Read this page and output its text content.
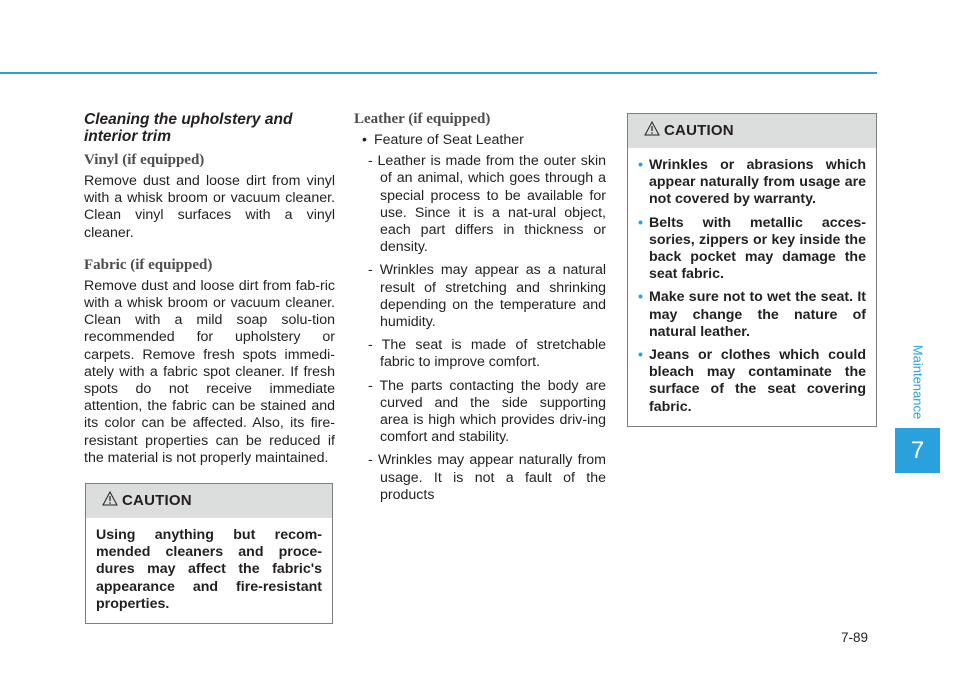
Cleaning the upholstery and interior trim
Vinyl (if equipped)
Remove dust and loose dirt from vinyl with a whisk broom or vacuum cleaner. Clean vinyl surfaces with a vinyl cleaner.
Fabric (if equipped)
Remove dust and loose dirt from fab-ric with a whisk broom or vacuum cleaner. Clean with a mild soap solu-tion recommended for upholstery or carpets. Remove fresh spots immedi-ately with a fabric spot cleaner. If fresh spots do not receive immediate attention, the fabric can be stained and its color can be affected. Also, its fire-resistant properties can be reduced if the material is not properly maintained.
CAUTION
Using anything but recom-mended cleaners and proce-dures may affect the fabric's appearance and fire-resistant properties.
Leather (if equipped)
• Feature of Seat Leather
- Leather is made from the outer skin of an animal, which goes through a special process to be available for use. Since it is a nat-ural object, each part differs in thickness or density.
- Wrinkles may appear as a natural result of stretching and shrinking depending on the temperature and humidity.
- The seat is made of stretchable fabric to improve comfort.
- The parts contacting the body are curved and the side supporting area is high which provides driv-ing comfort and stability.
- Wrinkles may appear naturally from usage. It is not a fault of the products
CAUTION
• Wrinkles or abrasions which appear naturally from usage are not covered by warranty.
• Belts with metallic acces-sories, zippers or key inside the back pocket may damage the seat fabric.
• Make sure not to wet the seat. It may change the nature of natural leather.
• Jeans or clothes which could bleach may contaminate the surface of the seat covering fabric.	Maintenance
7
7-89
